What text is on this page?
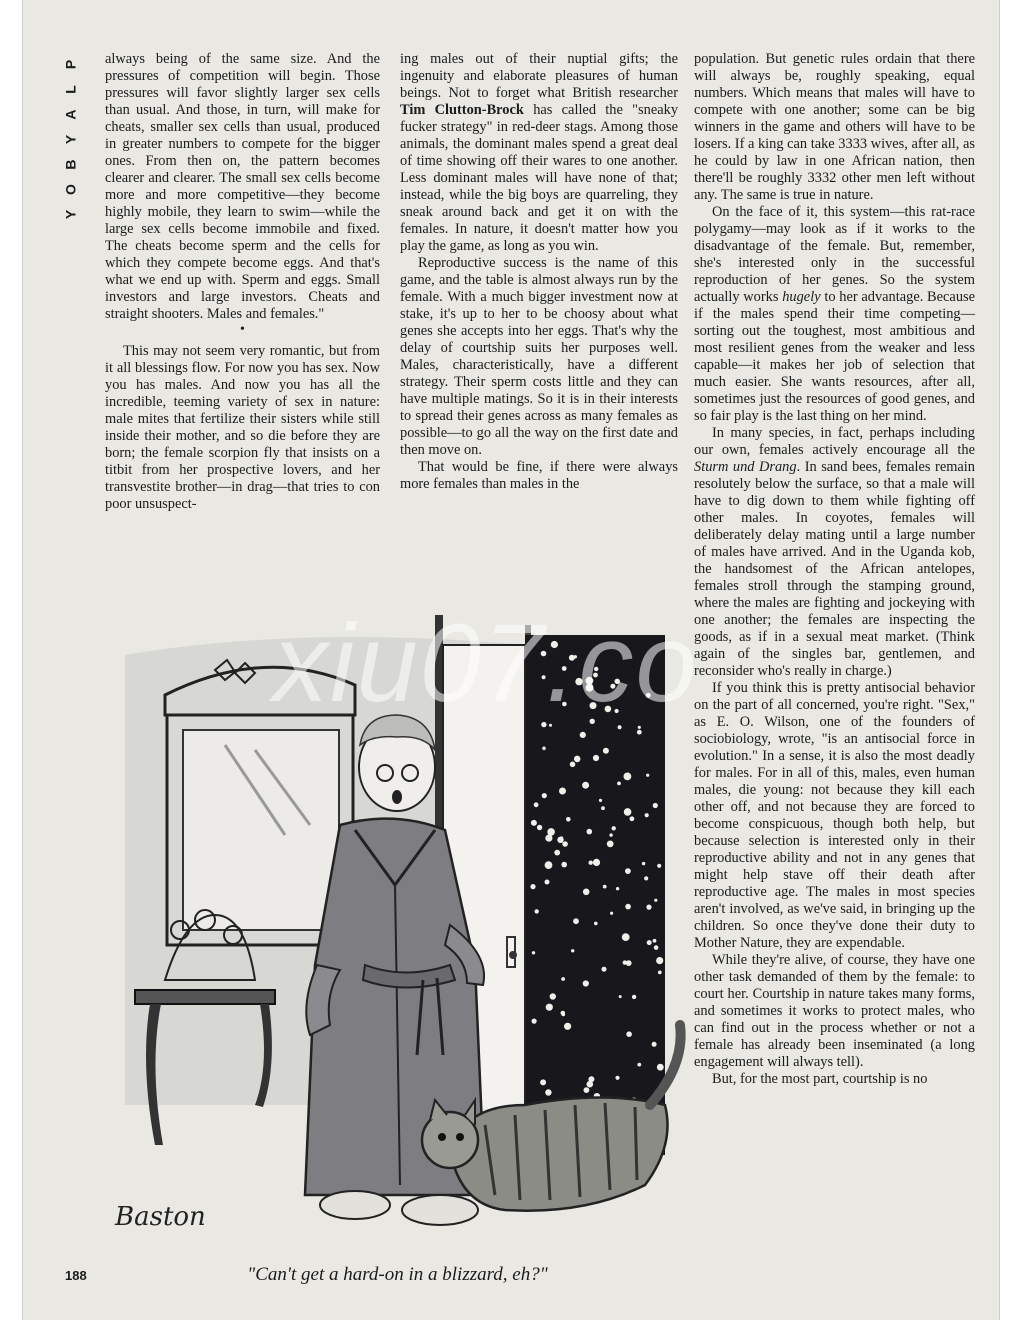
P
L
A
Y
B
O
Y

always being of the same size. And the pressures of competition will begin. Those pressures will favor slightly larger sex cells than usual. And those, in turn, will make for cheats, smaller sex cells than usual, produced in greater numbers to compete for the bigger ones. From then on, the pattern becomes clearer and clearer. The small sex cells become more and more competitive—they become highly mobile, they learn to swim—while the large sex cells become immobile and fixed. The cheats become sperm and the cells for which they compete become eggs. And that's what we end up with. Sperm and eggs. Small investors and large investors. Cheats and straight shooters. Males and females."

•

This may not seem very romantic, but from it all blessings flow. For now you has sex. Now you has males. And now you has all the incredible, teeming variety of sex in nature: male mites that fertilize their sisters while still inside their mother, and so die before they are born; the female scorpion fly that insists on a titbit from her prospective lovers, and her transvestite brother—in drag—that tries to con poor unsuspect-

ing males out of their nuptial gifts; the ingenuity and elaborate pleasures of human beings. Not to forget what British researcher Tim Clutton-Brock has called the "sneaky fucker strategy" in red-deer stags. Among those animals, the dominant males spend a great deal of time showing off their wares to one another. Less dominant males will have none of that; instead, while the big boys are quarreling, they sneak around back and get it on with the females. In nature, it doesn't matter how you play the game, as long as you win.

Reproductive success is the name of this game, and the table is almost always run by the female. With a much bigger investment now at stake, it's up to her to be choosy about what genes she accepts into her eggs. That's why the delay of courtship suits her purposes well. Males, characteristically, have a different strategy. Their sperm costs little and they can have multiple matings. So it is in their interests to spread their genes across as many females as possible—to go all the way on the first date and then move on.

That would be fine, if there were always more females than males in the

population. But genetic rules ordain that there will always be, roughly speaking, equal numbers. Which means that males will have to compete with one another; some can be big winners in the game and others will have to be losers. If a king can take 3333 wives, after all, as he could by law in one African nation, then there'll be roughly 3332 other men left without any. The same is true in nature.

On the face of it, this system—this rat-race polygamy—may look as if it works to the disadvantage of the female. But, remember, she's interested only in the successful reproduction of her genes. So the system actually works hugely to her advantage. Because if the males spend their time competing—sorting out the toughest, most ambitious and most resilient genes from the weaker and less capable—it makes her job of selection that much easier. She wants resources, after all, sometimes just the resources of good genes, and so fair play is the last thing on her mind.

In many species, in fact, perhaps including our own, females actively encourage all the Sturm und Drang. In sand bees, females remain resolutely below the surface, so that a male will have to dig down to them while fighting off other males. In coyotes, females will deliberately delay mating until a large number of males have arrived. And in the Uganda kob, the handsomest of the African antelopes, females stroll through the stamping ground, where the males are fighting and jockeying with one another; the females are inspecting the goods, as if in a sexual meat market. (Think again of the singles bar, gentlemen, and reconsider who's really in charge.)

If you think this is pretty antisocial behavior on the part of all concerned, you're right. "Sex," as E. O. Wilson, one of the founders of sociobiology, wrote, "is an antisocial force in evolution." In a sense, it is also the most deadly for males. For in all of this, males, even human males, die young: not because they kill each other off, and not because they are forced to become conspicuous, though both help, but because selection is interested only in their reproductive ability and not in any genes that might help stave off their death after reproductive age. The males in most species aren't involved, as we've said, in bringing up the children. So once they've done their duty to Mother Nature, they are expendable.

While they're alive, of course, they have one other task demanded of them by the female: to court her. Courtship in nature takes many forms, and sometimes it works to protect males, who can find out in the process whether or not a female has already been inseminated (a long engagement will always tell).

But, for the most part, courtship is no

Baston
"Can't get a hard-on in a blizzard, eh?"
188
xiu07.co
